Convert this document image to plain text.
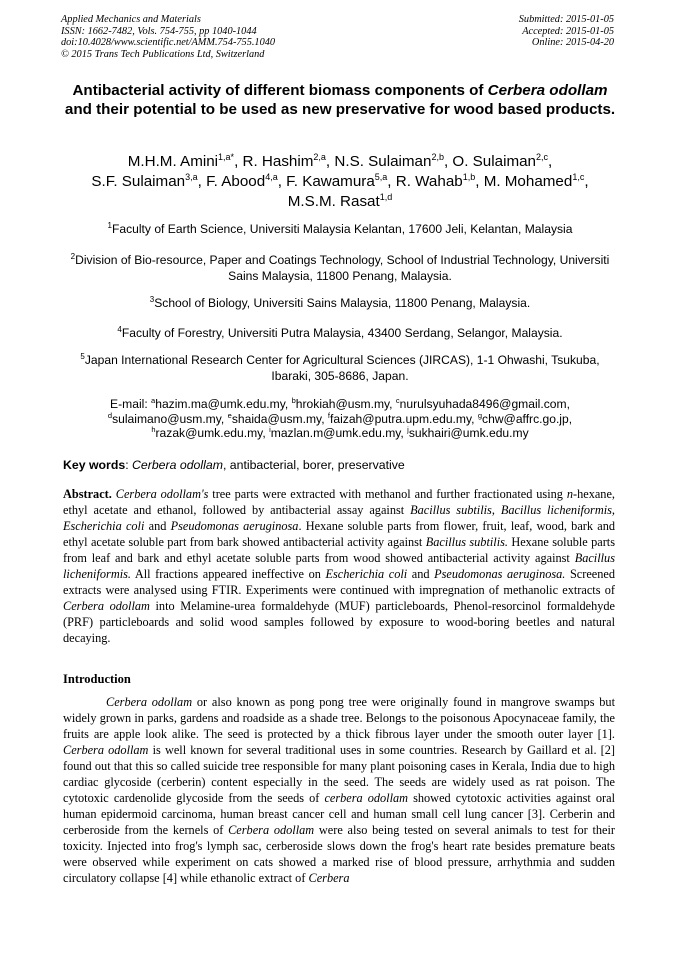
Applied Mechanics and Materials
ISSN: 1662-7482, Vols. 754-755, pp 1040-1044
doi:10.4028/www.scientific.net/AMM.754-755.1040
© 2015 Trans Tech Publications Ltd, Switzerland
Submitted: 2015-01-05
Accepted: 2015-01-05
Online: 2015-04-20
Antibacterial activity of different biomass components of Cerbera odollam and their potential to be used as new preservative for wood based products.
M.H.M. Amini$^{1,a*}$, R. Hashim$^{2,a}$, N.S. Sulaiman$^{2,b}$, O. Sulaiman$^{2,c}$,
S.F. Sulaiman$^{3,a}$, F. Abood$^{4,a}$, F. Kawamura$^{5,a}$, R. Wahab$^{1,b}$, M. Mohamed$^{1,c}$,
M.S.M. Rasat$^{1,d}$
$^1$Faculty of Earth Science, Universiti Malaysia Kelantan, 17600 Jeli, Kelantan, Malaysia
$^2$Division of Bio-resource, Paper and Coatings Technology, School of Industrial Technology, Universiti Sains Malaysia, 11800 Penang, Malaysia.
$^3$School of Biology, Universiti Sains Malaysia, 11800 Penang, Malaysia.
$^4$Faculty of Forestry, Universiti Putra Malaysia, 43400 Serdang, Selangor, Malaysia.
$^5$Japan International Research Center for Agricultural Sciences (JIRCAS), 1-1 Ohwashi, Tsukuba, Ibaraki, 305-8686, Japan.
E-mail: $^a$hazim.ma@umk.edu.my, $^b$hrokiah@usm.my, $^c$nurulsyuhada8496@gmail.com,
$^d$sulaimano@usm.my, $^e$shaida@usm.my, $^f$faizah@putra.upm.edu.my, $^g$chw@affrc.go.jp,
$^h$razak@umk.edu.my, $^i$mazlan.m@umk.edu.my, $^j$sukhairi@umk.edu.my
Key words: Cerbera odollam, antibacterial, borer, preservative
Abstract. Cerbera odollam's tree parts were extracted with methanol and further fractionated using n-hexane, ethyl acetate and ethanol, followed by antibacterial assay against Bacillus subtilis, Bacillus licheniformis, Escherichia coli and Pseudomonas aeruginosa. Hexane soluble parts from flower, fruit, leaf, wood, bark and ethyl acetate soluble part from bark showed antibacterial activity against Bacillus subtilis. Hexane soluble parts from leaf and bark and ethyl acetate soluble parts from wood showed antibacterial activity against Bacillus licheniformis. All fractions appeared ineffective on Escherichia coli and Pseudomonas aeruginosa. Screened extracts were analysed using FTIR. Experiments were continued with impregnation of methanolic extracts of Cerbera odollam into Melamine-urea formaldehyde (MUF) particleboards, Phenol-resorcinol formaldehyde (PRF) particleboards and solid wood samples followed by exposure to wood-boring beetles and natural decaying.
Introduction
Cerbera odollam or also known as pong pong tree were originally found in mangrove swamps but widely grown in parks, gardens and roadside as a shade tree. Belongs to the poisonous Apocynaceae family, the fruits are apple look alike. The seed is protected by a thick fibrous layer under the smooth outer layer [1]. Cerbera odollam is well known for several traditional uses in some countries. Research by Gaillard et al. [2] found out that this so called suicide tree responsible for many plant poisoning cases in Kerala, India due to high cardiac glycoside (cerberin) content especially in the seed. The seeds are widely used as rat poison. The cytotoxic cardenolide glycoside from the seeds of cerbera odollam showed cytotoxic activities against oral human epidermoid carcinoma, human breast cancer cell and human small cell lung cancer [3]. Cerberin and cerberoside from the kernels of Cerbera odollam were also being tested on several animals to test for their toxicity. Injected into frog's lymph sac, cerberoside slows down the frog's heart rate besides premature beats were observed while experiment on cats showed a marked rise of blood pressure, arrhythmia and sudden circulatory collapse [4] while ethanolic extract of Cerbera
